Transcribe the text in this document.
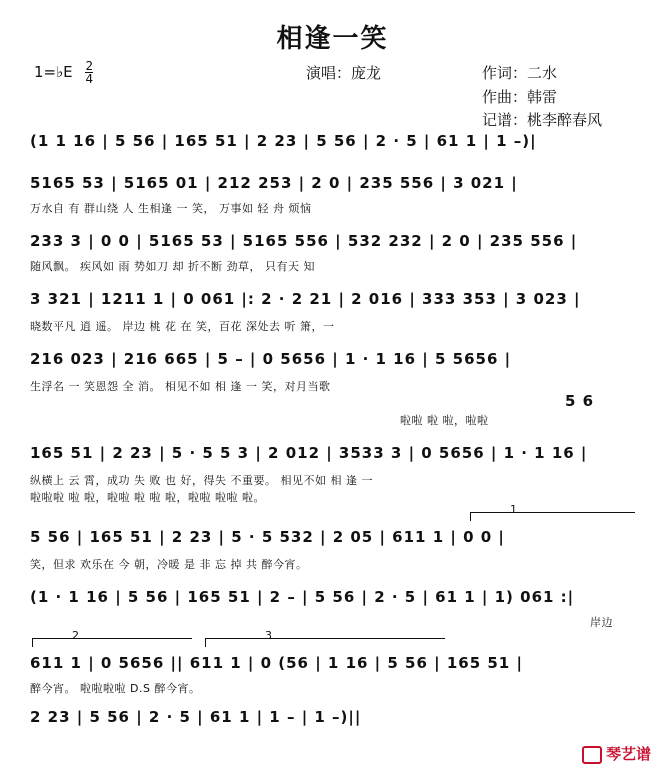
相逢一笑
1=♭E $\frac{2}{4}$	演唱：庞龙	作词：二水
作曲：韩雷
记谱：桃李醉春风
(1 1 16 | 5 56 | 165 51 | 2 23 | 5 56 | 2 · 5 | 61 1 | 1 –)|
5165 53 | 5165 01 | 212 253 | 2 0 | 235 556 | 3 021 |
万水自 有 群山绕 人 生相逢 一 笑， 万事如 轻 舟 烦恼
233 3 | 0 0 | 5165 53 | 5165 556 | 532 232 | 2 0 | 235 556 |
随风飘。 疾风如 雨 势如刀 却 折不断 劲草， 只有天 知
3 321 | 1211 1 | 0 061 |: 2 · 2 21 | 2 016 | 333 353 | 3 023 |
晓数平凡 逍 遥。 岸边 桃 花 在 笑，百花 深处去 听 箫，一
216 023 | 216 665 | 5 – | 0 5656 | 1 · 1 16 | 5 5656 |
生浮名 一 笑恩怨 全 消。 相见不如 相 逢 一 笑，对月当歌
5 6
啦啦 啦 啦，啦啦
165 51 | 2 23 | 5 · 5 5 3 | 2 012 | 3533 3 | 0 5656 | 1 · 1 16 |
纵横上 云 霄，成功 失 败 也 好，得失 不重要。 相见不如 相 逢 一
啦啦啦 啦 啦，啦啦 啦 啦 啦，啦啦 啦啦 啦。
1
5 56 | 165 51 | 2 23 | 5 · 5 532 | 2 05 | 611 1 | 0 0 |
笑，但求 欢乐在 今 朝，冷暖 是 非 忘 掉 共 醉今宵。
(1 · 1 16 | 5 56 | 165 51 | 2 – | 5 56 | 2 · 5 | 61 1 | 1) 061 :|
岸边
2	3
611 1 | 0 5656 || 611 1 | 0 (56 | 1 16 | 5 56 | 165 51 |
醉今宵。 啦啦啦啦 D.S 醉今宵。
2 23 | 5 56 | 2 · 5 | 61 1 | 1 – | 1 –)||
琴艺谱
